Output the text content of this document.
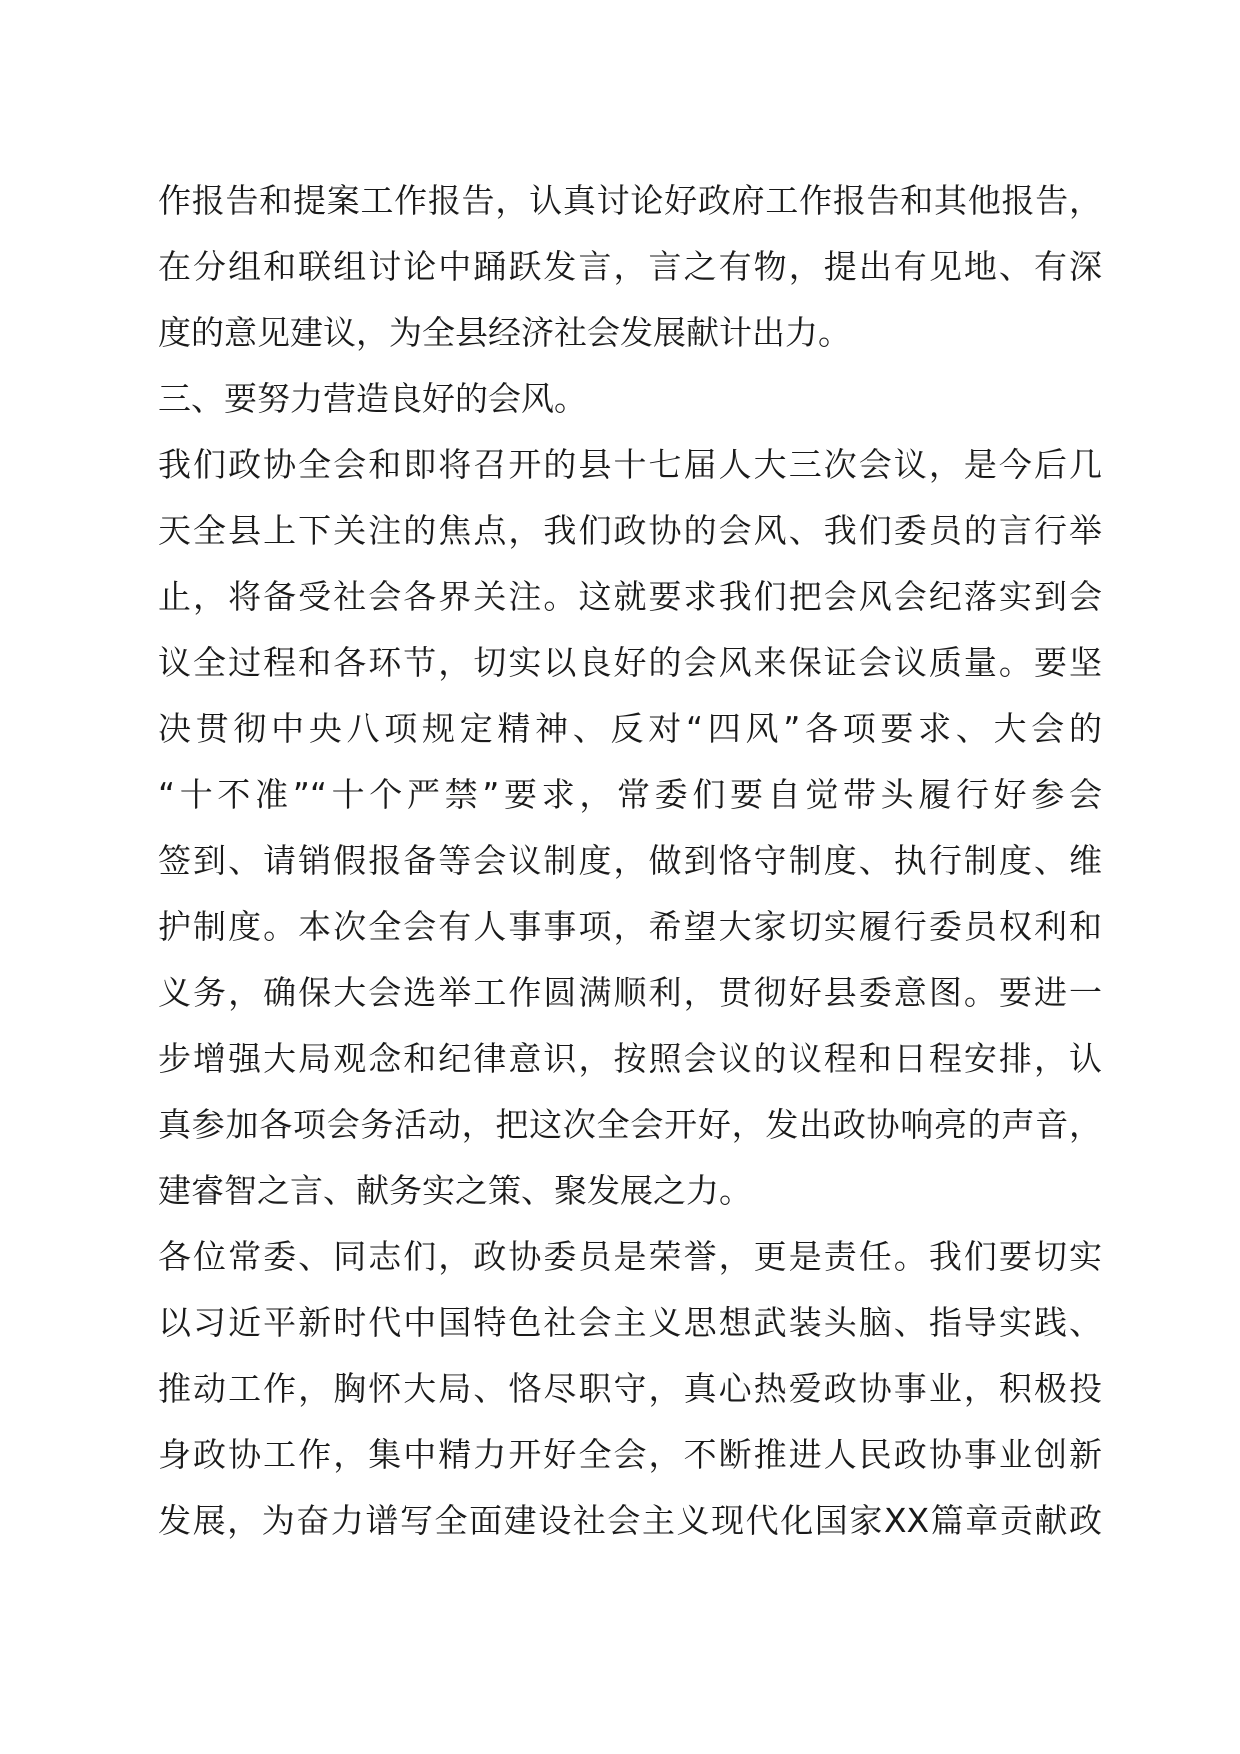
作报告和提案工作报告，认真讨论好政府工作报告和其他报告，
在分组和联组讨论中踊跃发言，言之有物，提出有见地、有深
度的意见建议，为全县经济社会发展献计出力。
三、要努力营造良好的会风。
我们政协全会和即将召开的县十七届人大三次会议，是今后几
天全县上下关注的焦点，我们政协的会风、我们委员的言行举
止，将备受社会各界关注。这就要求我们把会风会纪落实到会
议全过程和各环节，切实以良好的会风来保证会议质量。要坚
决贯彻中央八项规定精神、反对“四风”各项要求、大会的
“十不准”“十个严禁”要求，常委们要自觉带头履行好参会
签到、请销假报备等会议制度，做到恪守制度、执行制度、维
护制度。本次全会有人事事项，希望大家切实履行委员权利和
义务，确保大会选举工作圆满顺利，贯彻好县委意图。要进一
步增强大局观念和纪律意识，按照会议的议程和日程安排，认
真参加各项会务活动，把这次全会开好，发出政协响亮的声音，
建睿智之言、献务实之策、聚发展之力。
各位常委、同志们，政协委员是荣誉，更是责任。我们要切实
以习近平新时代中国特色社会主义思想武装头脑、指导实践、
推动工作，胸怀大局、恪尽职守，真心热爱政协事业，积极投
身政协工作，集中精力开好全会，不断推进人民政协事业创新
发展，为奋力谱写全面建设社会主义现代化国家XX篇章贡献政
